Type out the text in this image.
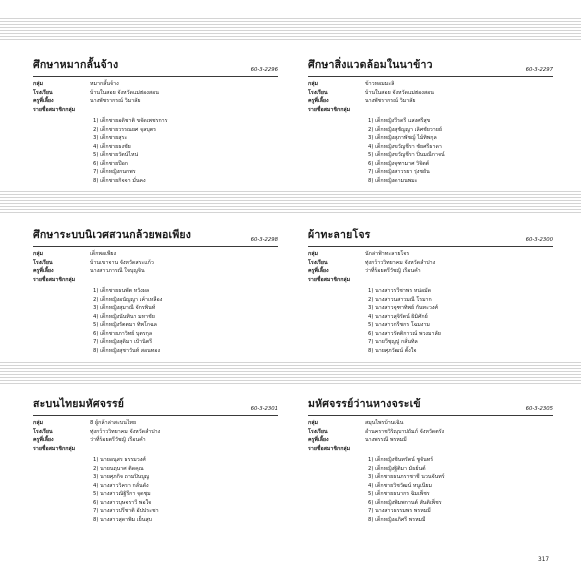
ศึกษาหมากลั้นจ้าง	60-3-2296
กลุ่ม	หมากลั้นจ้าง
โรงเรียน	บ้านในสอย จังหวัดแม่ฮ่องสอน
ครูพี่เลี้ยง	นางพัชรากรณ์ วิมาลัย
รายชื่อสมาชิกกลุ่ม
1) เด็กชายอดิชาติ ขจัดเพชรการ
2) เด็กชายวรรณยศ จุลบุตร
3) เด็กชายสุระ
4) เด็กชายธงชัย
5) เด็กชายวัตน์ไหน่
6) เด็กชายป๊อก
7) เด็กหญิงกนกพร
8) เด็กชายกิจจา มั่นคง
ศึกษาสิ่งแวดล้อมในนาข้าว	60-3-2297
กลุ่ม	ข้าวหอมมะลิ
โรงเรียน	บ้านในสอย จังหวัดแม่ฮ่องสอน
ครูพี่เลี้ยง	นางพัชรากรณ์ วิมาลัย
รายชื่อสมาชิกกลุ่ม
1) เด็กหญิงวีรดรี แสงศรีสุข
2) เด็กหญิงสุชัญญา เลิศชัยวายย์
3) เด็กหญิงสุภาพัชญ์ ไม้ทิพกุล
4) เด็กหญิงขวัญชีรา ชัยศรีธาดา
5) เด็กหญิงขวัญชีรา ปิ่นมณีกาจน์
6) เด็กหญิงจุฑามาศ วิจิตต์
7) เด็กหญิงสาวรยา รุ่งชยัน
8) เด็กหญิงดามนพมะ
ศึกษาระบบนิเวศสวนกล้วยพอเพียง	60-3-2298
กลุ่ม	เด็กพอเพียง
โรงเรียน	บ้านเขาจาน จังหวัดสระแก้ว
ครูพี่เลี้ยง	นางสาวภารณี ใจบุญจิน
รายชื่อสมาชิกกลุ่ม
1) เด็กชายธนพัต หวังผล
2) เด็กหญิงอนัญญา เค้าเหลือง
3) เด็กหญิงสุมาณี จักรพินท์
4) เด็กหญิงนันทินา มหาชัย
5) เด็กหญิงรัตตมา ทิพโกฉล
6) เด็กชายภาวิทย์ บุตรกุล
7) เด็กหญิงสุดิมา เป้านิตรี
8) เด็กหญิงสุชาวันท์ สอนทอง
ผ้าทะลายโจร	60-3-2300
กลุ่ม	นักล่าฟ้าทะลายโจร
โรงเรียน	ทุ่งกว้าววิทยาคม จังหวัดลำปาง
ครูพี่เลี้ยง	ว่าที่ร้อยตรีวัชญิ เรือนคำ
รายชื่อสมาชิกกลุ่ม
1) นางสาวรวีชาพร หน่อมัด
2) นางสาวนสาวมณี โรมาก
3) นางสาวจุฑาทิพย์ กันทะวงศ์
4) นางสาวสุจิรัตน์ ผิมิศักย์
5) นางสาวกรีชกร โฉมงาม
6) นางสาวรัตติกาวณ์ พวงมาลัย
7) นายวีชุญปู กลั่นทิล
8) นายศุภวัฒน์ ตั้งใจ
สะบนไทยมหัศจรรย์	60-3-2301
กลุ่ม	8 ผู้กล้าล่าสะบนไทย
โรงเรียน	ทุ่งกว้าววิทยาคม จังหวัดลำปาง
ครูพี่เลี้ยง	ว่าที่ร้อยตรีวัชญิ เรือนคำ
รายชื่อสมาชิกกลุ่ม
1) นายอนุสร ธรรมวงศ์
2) นายนฤนาศ ติดคุณ
3) นายศุภกิจ ถามปินบูญ
4) นางสาววิครา กลั่นดัง
5) นางสาวณิฐิรีกา จุดชุม
6) นางสาวบุษจราวี พอใจ
7) นางสาวปรีชาติ อัปประชา
8) นางสาวสุดาพิม เย็นสุบ
มหัศจรรย์ว่านหางจระเข้	60-3-2305
กลุ่ม	สมุนไพรบ้านเฉิน
โรงเรียน	อำนคราชวิริญุบาปถัมภ์ จังหวัดตรัง
ครูพี่เลี้ยง	นางพรรณี พรหมมี
รายชื่อสมาชิกกลุ่ม
1) เด็กหญิงชินทรัตน์ ชูจันทร์
2) เด็กหญิงฐิติมา มัธย์นต์
3) เด็กชายธนภราชาชี นวนจันทร์
4) เด็กชายวิชวัฒน์ หนูเนียม
5) เด็กชายธนากร ฉิมเพ็ชร
6) เด็กหญิงพิมพกานต์ สันติเพ็ชร
7) นางสาวธรรมพร พรหมมี
8) เด็กหญิงอภิศรี พรหมมี
317
